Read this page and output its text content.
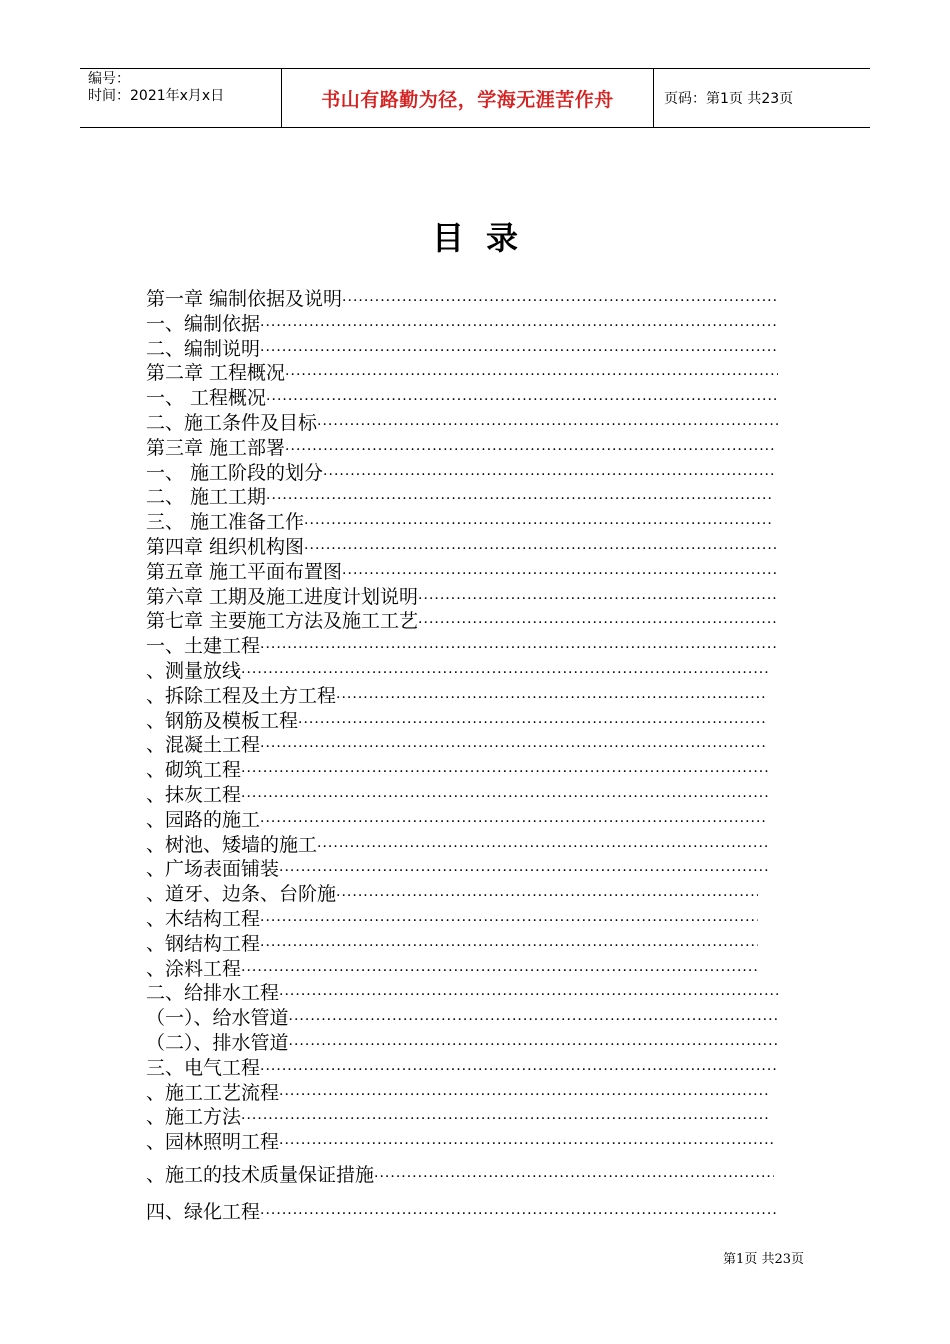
编号：
时间：2021年x月x日	书山有路勤为径，学海无涯苦作舟	页码：第1页 共23页
目录
第一章 编制依据及说明
·····
一、编制依据
·····
二、编制说明
·····
第二章 工程概况
·····
一、 工程概况
·····
二、施工条件及目标
·····
第三章 施工部署
·····
一、 施工阶段的划分
·····
二、 施工工期
·····
三、 施工准备工作
·····
第四章 组织机构图
·····
第五章 施工平面布置图
·····
第六章 工期及施工进度计划说明
·····
第七章 主要施工方法及施工工艺
·····
一、土建工程
·····
、测量放线
·····
、拆除工程及土方工程
·····
、钢筋及模板工程
·····
、混凝土工程
·····
、砌筑工程
·····
、抹灰工程
·····
、园路的施工
·····
、树池、矮墙的施工
·····
、广场表面铺装
·····
、道牙、边条、台阶施
·····
、木结构工程
·····
、钢结构工程
·····
、涂料工程
·····
二、给排水工程
·····
（一）、给水管道
·····
（二）、排水管道
·····
三、电气工程
·····
、施工工艺流程
·····
、施工方法
·····
、园林照明工程
·····
、施工的技术质量保证措施
·····
四、绿化工程
·····
第1页 共23页
